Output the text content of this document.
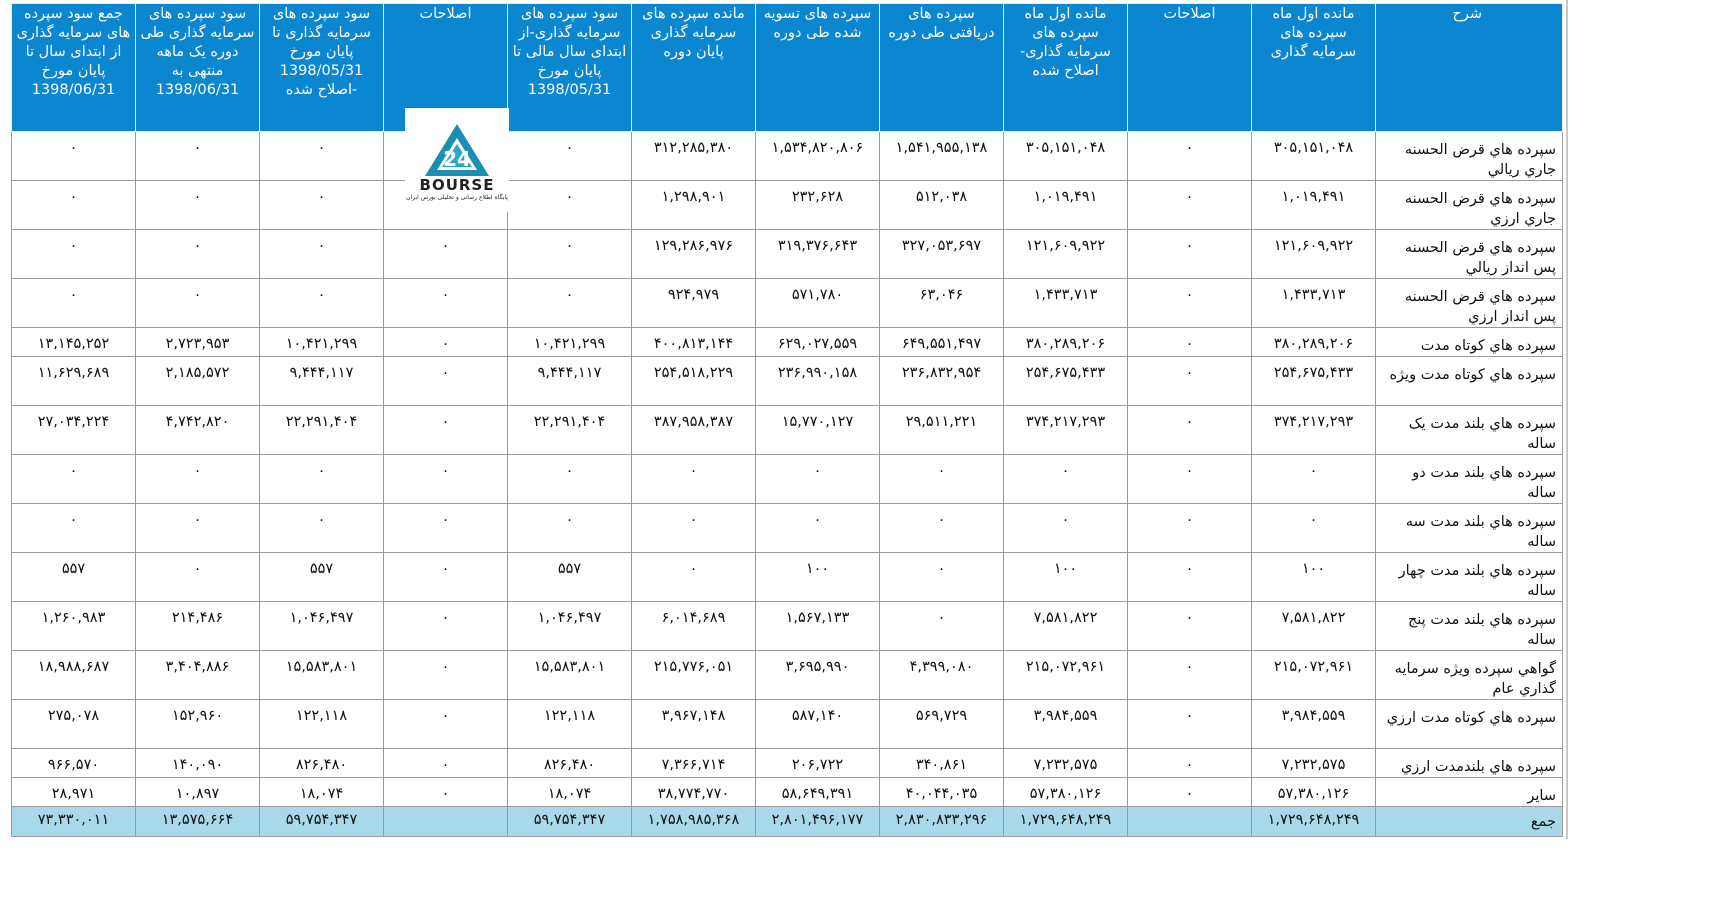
شرح	مانده اول ماه سپرده های سرمایه گذاری	اصلاحات	مانده اول ماه سپرده های سرمایه گذاری-اصلاح شده	سپرده های دریافتی طی دوره	سپرده های تسویه شده طی دوره	مانده سپرده های سرمایه گذاری پایان دوره	سود سپرده های سرمایه گذاری-از ابتدای سال مالی تا پایان مورخ 1398/05/31	اصلاحات	سود سپرده های سرمایه گذاری تا پایان مورخ 1398/05/31 -اصلاح شده	سود سپرده های سرمایه گذاری طی دوره یک ماهه منتهی به 1398/06/31	جمع سود سپرده های سرمایه گذاری از ابتدای سال تا پایان مورخ 1398/06/31
سپرده هاي قرض الحسنه جاري ريالي	۳۰۵,۱۵۱,۰۴۸	۰	۳۰۵,۱۵۱,۰۴۸	۱,۵۴۱,۹۵۵,۱۳۸	۱,۵۳۴,۸۲۰,۸۰۶	۳۱۲,۲۸۵,۳۸۰	۰		۰	۰	۰
سپرده هاي قرض الحسنه جاري ارزي	۱,۰۱۹,۴۹۱	۰	۱,۰۱۹,۴۹۱	۵۱۲,۰۳۸	۲۳۲,۶۲۸	۱,۲۹۸,۹۰۱	۰		۰	۰	۰
سپرده هاي قرض الحسنه پس انداز ريالي	۱۲۱,۶۰۹,۹۲۲	۰	۱۲۱,۶۰۹,۹۲۲	۳۲۷,۰۵۳,۶۹۷	۳۱۹,۳۷۶,۶۴۳	۱۲۹,۲۸۶,۹۷۶	۰	۰	۰	۰	۰
سپرده هاي قرض الحسنه پس انداز ارزي	۱,۴۳۳,۷۱۳	۰	۱,۴۳۳,۷۱۳	۶۳,۰۴۶	۵۷۱,۷۸۰	۹۲۴,۹۷۹	۰	۰	۰	۰	۰
سپرده هاي کوتاه مدت	۳۸۰,۲۸۹,۲۰۶	۰	۳۸۰,۲۸۹,۲۰۶	۶۴۹,۵۵۱,۴۹۷	۶۲۹,۰۲۷,۵۵۹	۴۰۰,۸۱۳,۱۴۴	۱۰,۴۲۱,۲۹۹	۰	۱۰,۴۲۱,۲۹۹	۲,۷۲۳,۹۵۳	۱۳,۱۴۵,۲۵۲
سپرده هاي کوتاه مدت ويژه	۲۵۴,۶۷۵,۴۳۳	۰	۲۵۴,۶۷۵,۴۳۳	۲۳۶,۸۳۲,۹۵۴	۲۳۶,۹۹۰,۱۵۸	۲۵۴,۵۱۸,۲۲۹	۹,۴۴۴,۱۱۷	۰	۹,۴۴۴,۱۱۷	۲,۱۸۵,۵۷۲	۱۱,۶۲۹,۶۸۹
سپرده هاي بلند مدت يک ساله	۳۷۴,۲۱۷,۲۹۳	۰	۳۷۴,۲۱۷,۲۹۳	۲۹,۵۱۱,۲۲۱	۱۵,۷۷۰,۱۲۷	۳۸۷,۹۵۸,۳۸۷	۲۲,۲۹۱,۴۰۴	۰	۲۲,۲۹۱,۴۰۴	۴,۷۴۲,۸۲۰	۲۷,۰۳۴,۲۲۴
سپرده هاي بلند مدت دو ساله	۰	۰	۰	۰	۰	۰	۰	۰	۰	۰	۰
سپرده هاي بلند مدت سه ساله	۰	۰	۰	۰	۰	۰	۰	۰	۰	۰	۰
سپرده هاي بلند مدت چهار ساله	۱۰۰	۰	۱۰۰	۰	۱۰۰	۰	۵۵۷	۰	۵۵۷	۰	۵۵۷
سپرده هاي بلند مدت پنج ساله	۷,۵۸۱,۸۲۲	۰	۷,۵۸۱,۸۲۲	۰	۱,۵۶۷,۱۳۳	۶,۰۱۴,۶۸۹	۱,۰۴۶,۴۹۷	۰	۱,۰۴۶,۴۹۷	۲۱۴,۴۸۶	۱,۲۶۰,۹۸۳
گواهي سپرده ويژه سرمايه گذاري عام	۲۱۵,۰۷۲,۹۶۱	۰	۲۱۵,۰۷۲,۹۶۱	۴,۳۹۹,۰۸۰	۳,۶۹۵,۹۹۰	۲۱۵,۷۷۶,۰۵۱	۱۵,۵۸۳,۸۰۱	۰	۱۵,۵۸۳,۸۰۱	۳,۴۰۴,۸۸۶	۱۸,۹۸۸,۶۸۷
سپرده هاي کوتاه مدت ارزي	۳,۹۸۴,۵۵۹	۰	۳,۹۸۴,۵۵۹	۵۶۹,۷۲۹	۵۸۷,۱۴۰	۳,۹۶۷,۱۴۸	۱۲۲,۱۱۸	۰	۱۲۲,۱۱۸	۱۵۲,۹۶۰	۲۷۵,۰۷۸
سپرده هاي بلندمدت ارزي	۷,۲۳۲,۵۷۵	۰	۷,۲۳۲,۵۷۵	۳۴۰,۸۶۱	۲۰۶,۷۲۲	۷,۳۶۶,۷۱۴	۸۲۶,۴۸۰	۰	۸۲۶,۴۸۰	۱۴۰,۰۹۰	۹۶۶,۵۷۰
ساير	۵۷,۳۸۰,۱۲۶	۰	۵۷,۳۸۰,۱۲۶	۴۰,۰۴۴,۰۳۵	۵۸,۶۴۹,۳۹۱	۳۸,۷۷۴,۷۷۰	۱۸,۰۷۴	۰	۱۸,۰۷۴	۱۰,۸۹۷	۲۸,۹۷۱
جمع	۱,۷۲۹,۶۴۸,۲۴۹		۱,۷۲۹,۶۴۸,۲۴۹	۲,۸۳۰,۸۳۳,۲۹۶	۲,۸۰۱,۴۹۶,۱۷۷	۱,۷۵۸,۹۸۵,۳۶۸	۵۹,۷۵۴,۳۴۷		۵۹,۷۵۴,۳۴۷	۱۳,۵۷۵,۶۶۴	۷۳,۳۳۰,۰۱۱
24
BOURSE
پایگاه اطلاع رسانی و تحلیلی بورس ایران
